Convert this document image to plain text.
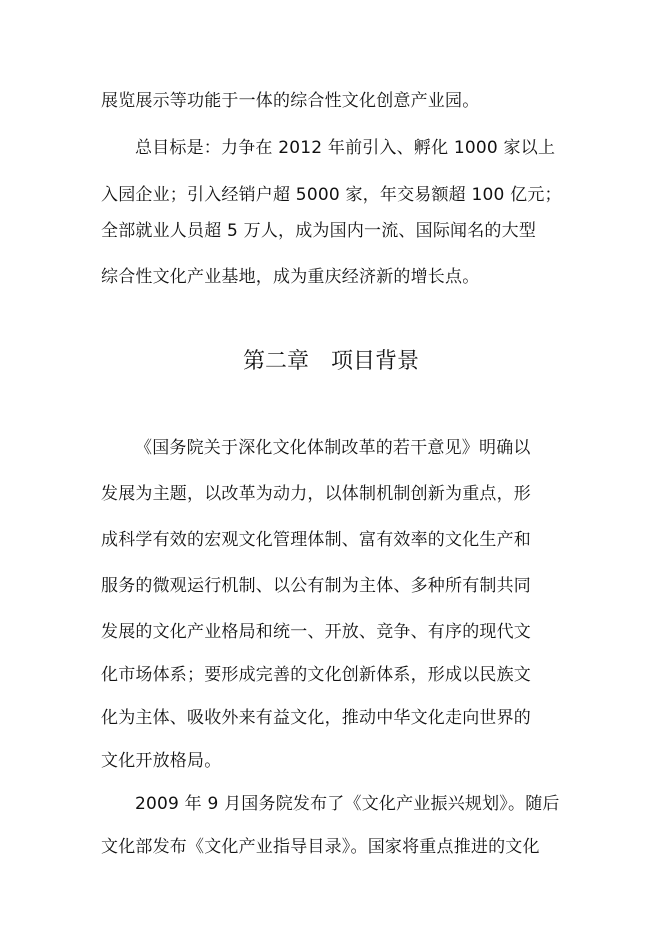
展览展示等功能于一体的综合性文化创意产业园。
总目标是：力争在 2012 年前引入、孵化 1000 家以上
入园企业；引入经销户超 5000 家，年交易额超 100 亿元；
全部就业人员超 5 万人，成为国内一流、国际闻名的大型
综合性文化产业基地，成为重庆经济新的增长点。
第二章　项目背景
《国务院关于深化文化体制改革的若干意见》明确以
发展为主题，以改革为动力，以体制机制创新为重点，形
成科学有效的宏观文化管理体制、富有效率的文化生产和
服务的微观运行机制、以公有制为主体、多种所有制共同
发展的文化产业格局和统一、开放、竞争、有序的现代文
化市场体系；要形成完善的文化创新体系，形成以民族文
化为主体、吸收外来有益文化，推动中华文化走向世界的
文化开放格局。
2009 年 9 月国务院发布了《文化产业振兴规划》。随后
文化部发布《文化产业指导目录》。国家将重点推进的文化
